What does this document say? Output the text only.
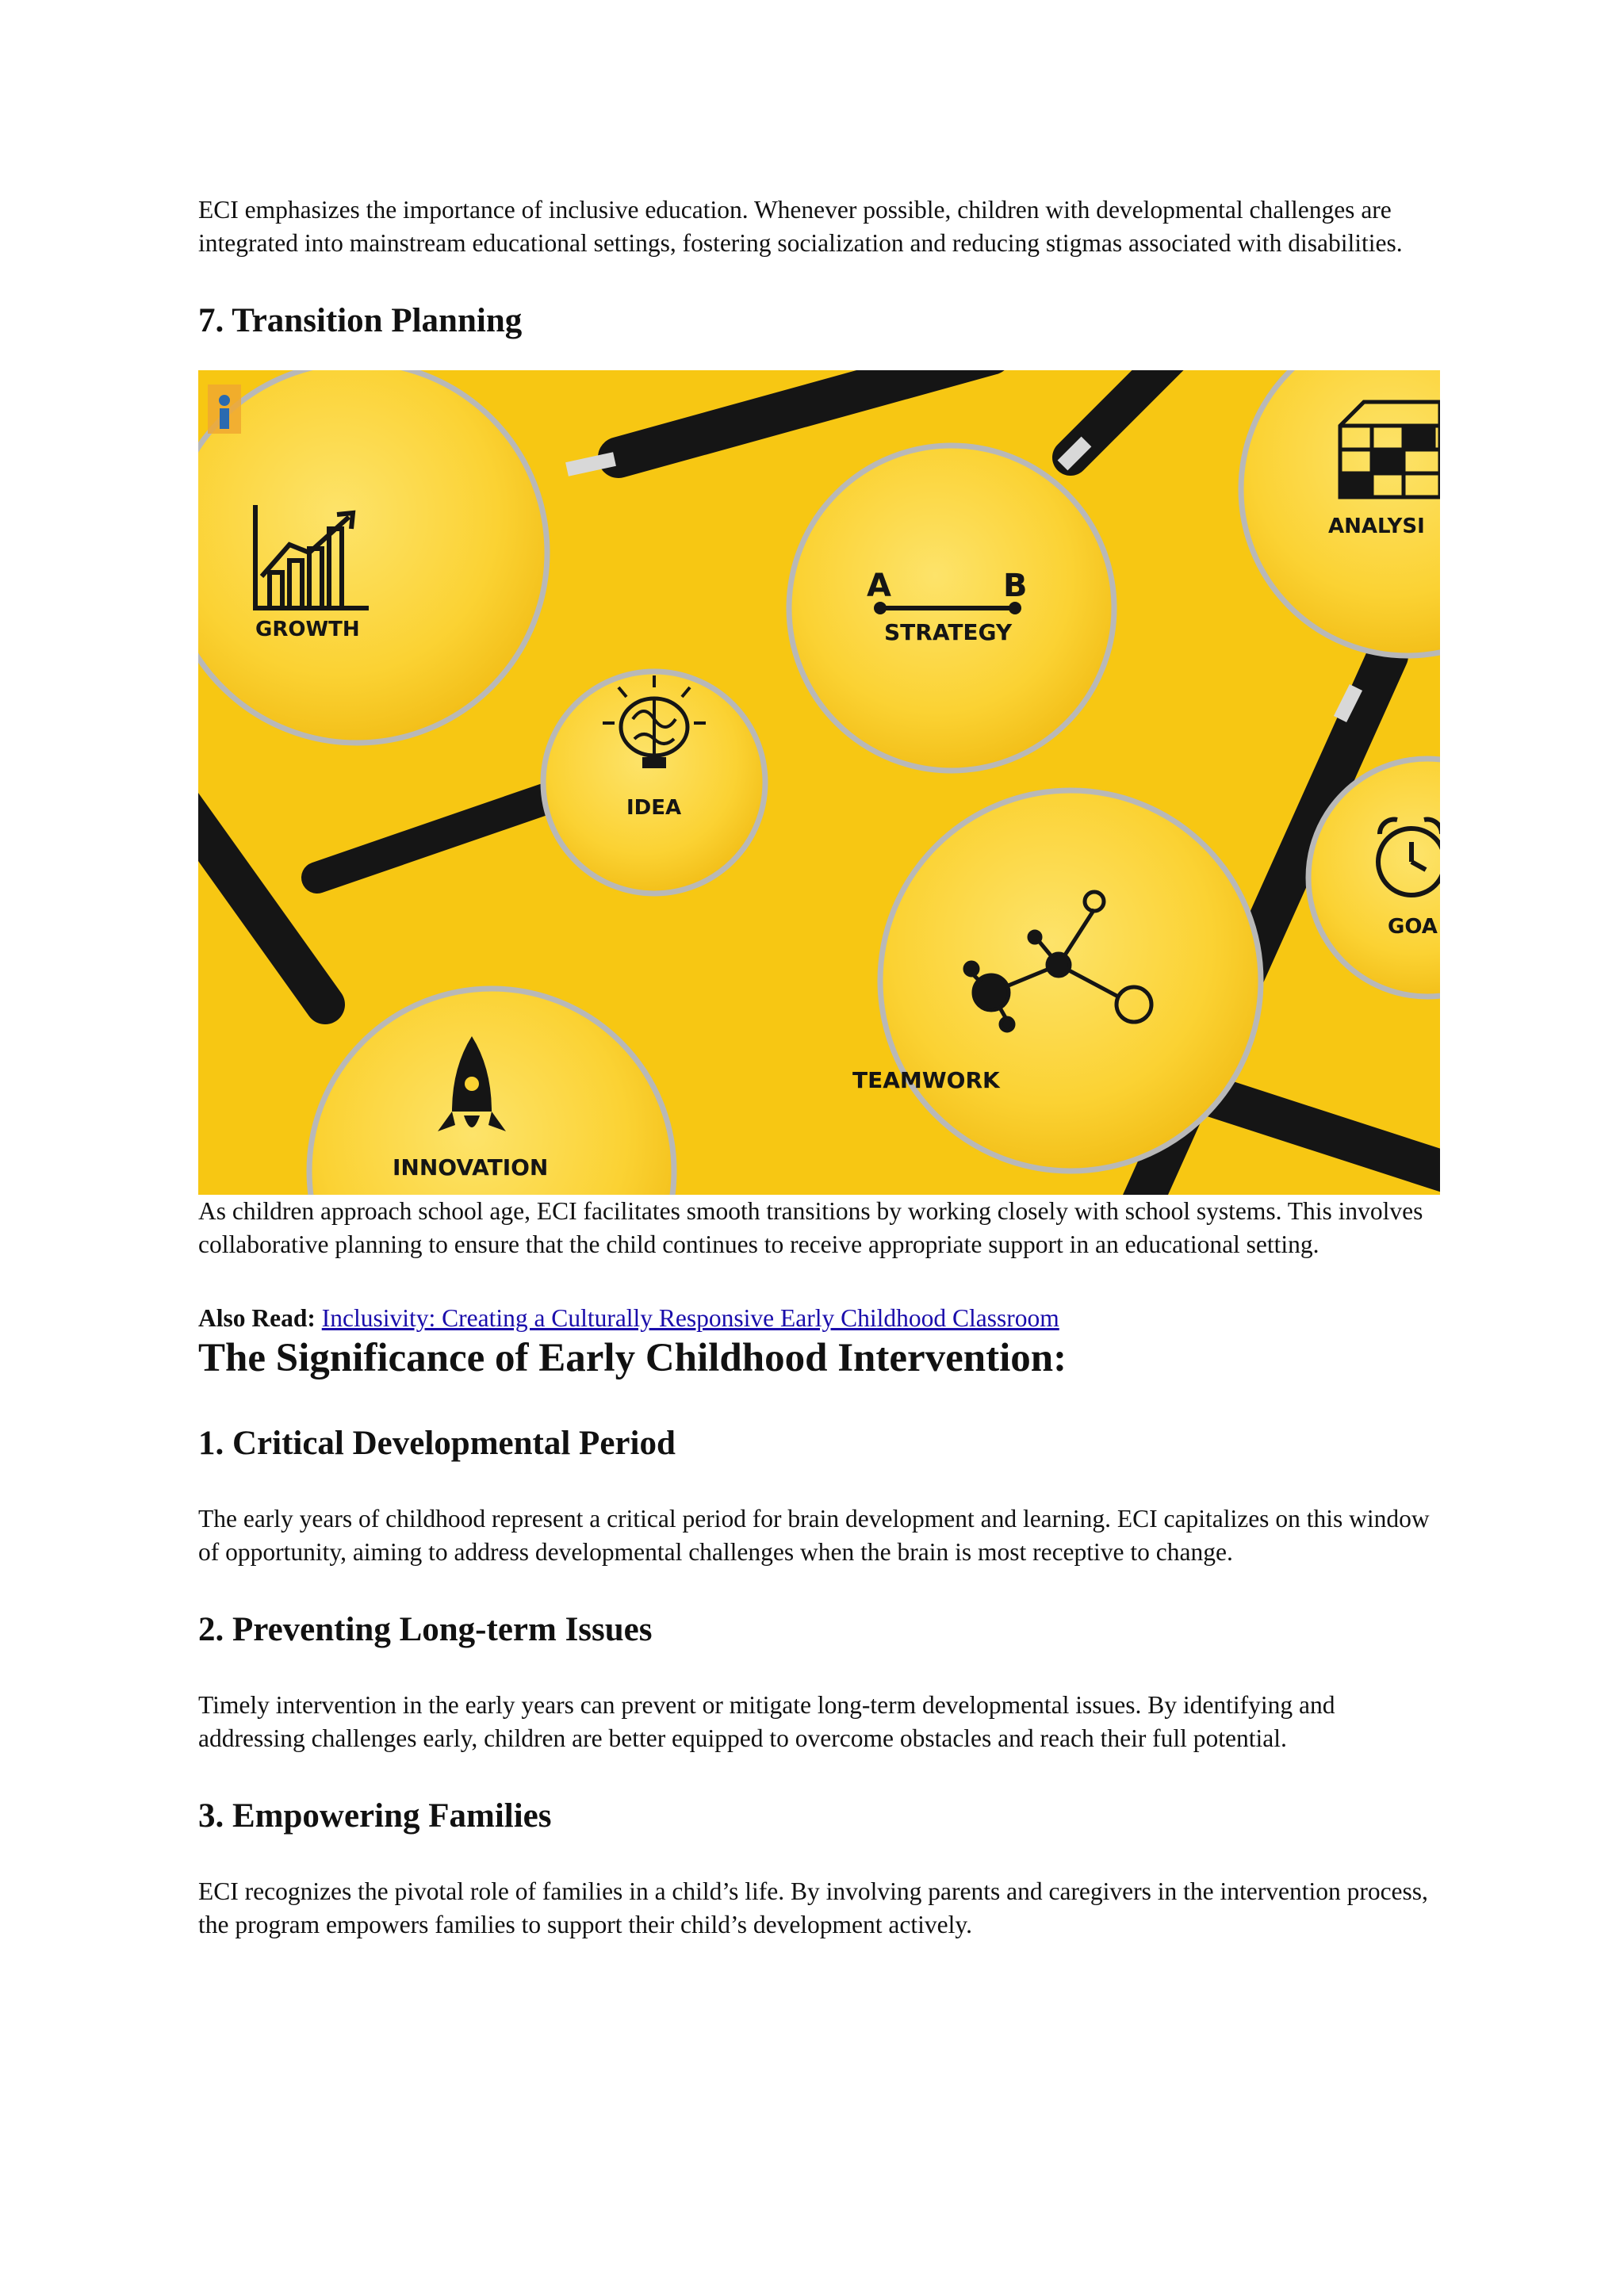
ECI emphasizes the importance of inclusive education. Whenever possible, children with developmental challenges are integrated into mainstream educational settings, fostering socialization and reducing stigmas associated with disabilities.

7. Transition Planning
GROWTH
A	B
STRATEGY
ANALYSI
IDEA
GOA
TEAMWORK
INNOVATION

As children approach school age, ECI facilitates smooth transitions by working closely with school systems. This involves collaborative planning to ensure that the child continues to receive appropriate support in an educational setting.

Also Read: Inclusivity: Creating a Culturally Responsive Early Childhood Classroom

The Significance of Early Childhood Intervention:
1. Critical Developmental Period

The early years of childhood represent a critical period for brain development and learning. ECI capitalizes on this window of opportunity, aiming to address developmental challenges when the brain is most receptive to change.

2. Preventing Long-term Issues

Timely intervention in the early years can prevent or mitigate long-term developmental issues. By identifying and addressing challenges early, children are better equipped to overcome obstacles and reach their full potential.

3. Empowering Families

ECI recognizes the pivotal role of families in a child’s life. By involving parents and caregivers in the intervention process, the program empowers families to support their child’s development actively.
